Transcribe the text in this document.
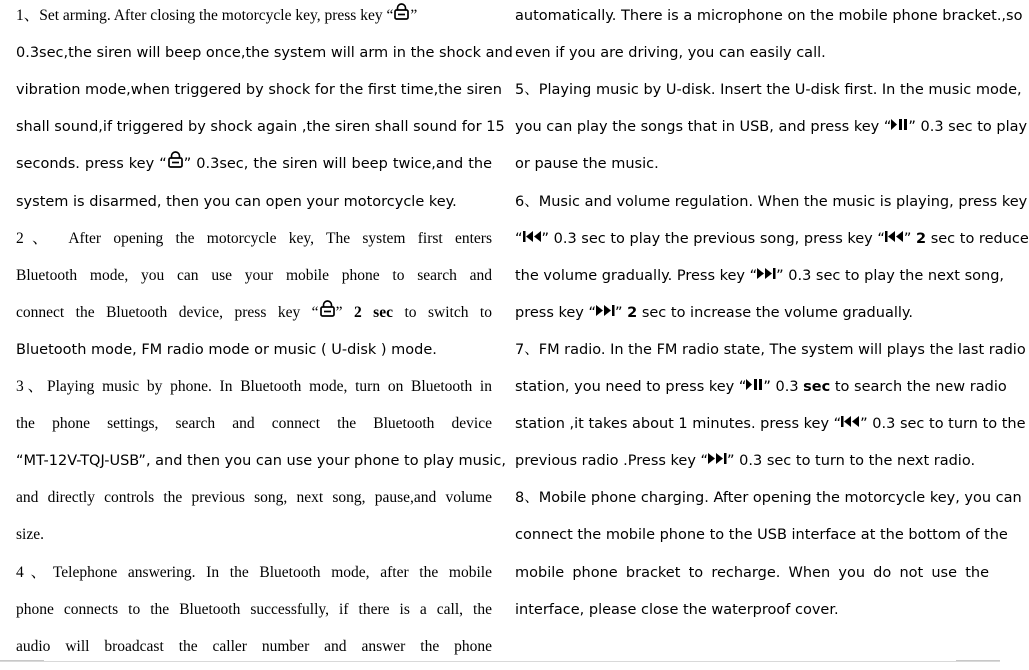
1、Set arming. After closing the motorcycle key, press key “ ”
0.3sec,the siren will beep once,the system will arm in the shock and
vibration mode,when triggered by shock for the first time,the siren
shall sound,if triggered by shock again ,the siren shall sound for 15
seconds. press key “ ” 0.3sec, the siren will beep twice,and the
system is disarmed, then you can open your motorcycle key.
2、 After opening the motorcycle key, The system first enters
Bluetooth mode, you can use your mobile phone to search and
connect the Bluetooth device, press key “ ” 2 sec to switch to
Bluetooth mode, FM radio mode or music ( U-disk ) mode.
3、Playing music by phone. In Bluetooth mode, turn on Bluetooth in
the phone settings, search and connect the Bluetooth device
“MT-12V-TQJ-USB”, and then you can use your phone to play music,
and directly controls the previous song, next song, pause,and volume
size.
4、Telephone answering. In the Bluetooth mode, after the mobile
phone connects to the Bluetooth successfully, if there is a call, the
audio will broadcast the caller number and answer the phone
automatically. There is a microphone on the mobile phone bracket.,so
even if you are driving, you can easily call.
5、Playing music by U-disk. Insert the U-disk first. In the music mode,
you can play the songs that in USB, and press key “ ” 0.3 sec to play
or pause the music.
6、Music and volume regulation. When the music is playing, press key
“ ” 0.3 sec to play the previous song, press key “ ” 2 sec to reduce
the volume gradually. Press key “ ” 0.3 sec to play the next song,
press key “ ” 2 sec to increase the volume gradually.
7、FM radio. In the FM radio state, The system will plays the last radio
station, you need to press key “ ” 0.3 sec to search the new radio
station ,it takes about 1 minutes. press key “ ” 0.3 sec to turn to the
previous radio .Press key “ ” 0.3 sec to turn to the next radio.
8、Mobile phone charging. After opening the motorcycle key, you can
connect the mobile phone to the USB interface at the bottom of the
mobile phone bracket to recharge. When you do not use the
interface, please close the waterproof cover.
